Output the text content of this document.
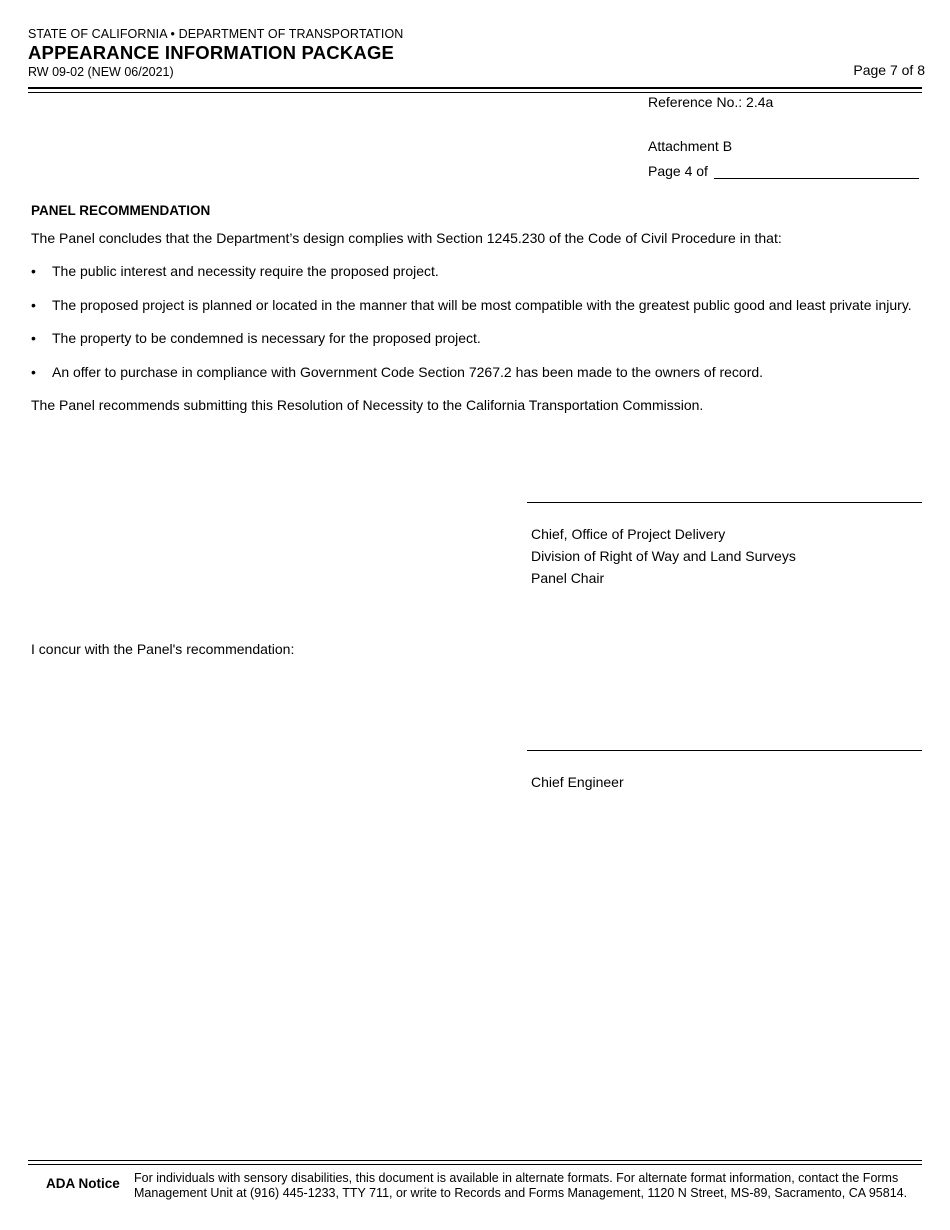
STATE OF CALIFORNIA • DEPARTMENT OF TRANSPORTATION
APPEARANCE INFORMATION PACKAGE
RW 09-02 (NEW 06/2021)	Page 7 of 8
Reference No.: 2.4a
Attachment B
Page 4 of
PANEL RECOMMENDATION
The Panel concludes that the Department’s design complies with Section 1245.230 of the Code of Civil Procedure in that:
• The public interest and necessity require the proposed project.
• The proposed project is planned or located in the manner that will be most compatible with the greatest public good and least private injury.
• The property to be condemned is necessary for the proposed project.
• An offer to purchase in compliance with Government Code Section 7267.2 has been made to the owners of record.
The Panel recommends submitting this Resolution of Necessity to the California Transportation Commission.
Chief, Office of Project Delivery
Division of Right of Way and Land Surveys
Panel Chair
I concur with the Panel's recommendation:
Chief Engineer
ADA Notice For individuals with sensory disabilities, this document is available in alternate formats. For alternate format information, contact the Forms Management Unit at (916) 445-1233, TTY 711, or write to Records and Forms Management, 1120 N Street, MS-89, Sacramento, CA 95814.
